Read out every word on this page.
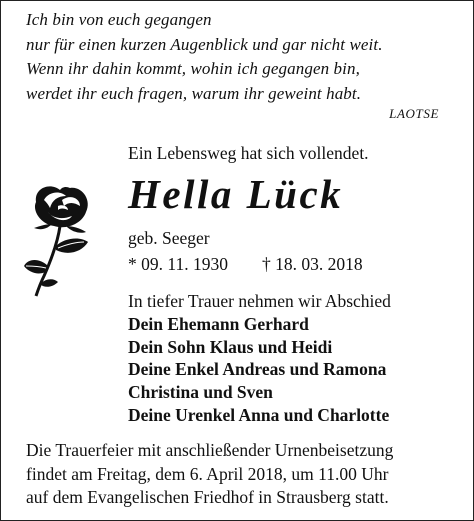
Ich bin von euch gegangen
nur für einen kurzen Augenblick und gar nicht weit.
Wenn ihr dahin kommt, wohin ich gegangen bin,
werdet ihr euch fragen, warum ihr geweint habt.
LAOTSE
Ein Lebensweg hat sich vollendet.
Hella Lück
geb. Seeger
* 09. 11. 1930 † 18. 03. 2018
In tiefer Trauer nehmen wir Abschied
Dein Ehemann Gerhard
Dein Sohn Klaus und Heidi
Deine Enkel Andreas und Ramona
Christina und Sven
Deine Urenkel Anna und Charlotte
Die Trauerfeier mit anschließender Urnenbeisetzung
findet am Freitag, dem 6. April 2018, um 11.00 Uhr
auf dem Evangelischen Friedhof in Strausberg statt.
